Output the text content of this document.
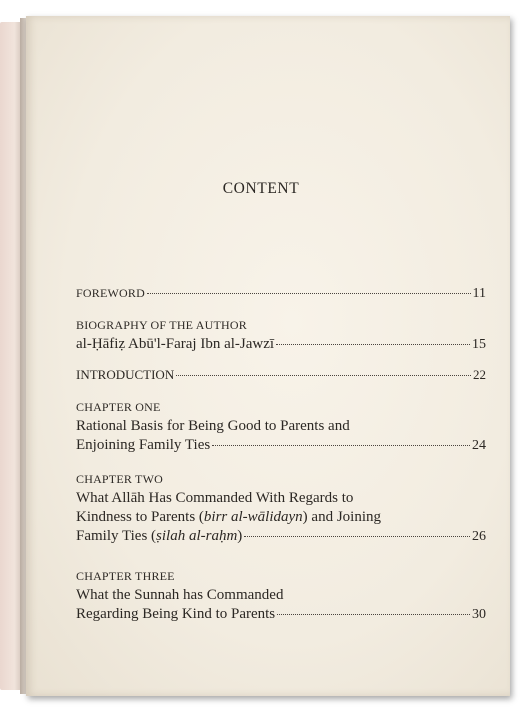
CONTENT
FOREWORD	11
BIOGRAPHY OF THE AUTHOR
al-Ḥāfiẓ Abū'l-Faraj Ibn al-Jawzī	15
INTRODUCTION	22
CHAPTER ONE
Rational Basis for Being Good to Parents and
Enjoining Family Ties	24
CHAPTER TWO
What Allāh Has Commanded With Regards to
Kindness to Parents (birr al-wālidayn) and Joining
Family Ties (ṣilah al-raḥm)	26
CHAPTER THREE
What the Sunnah has Commanded
Regarding Being Kind to Parents	30
